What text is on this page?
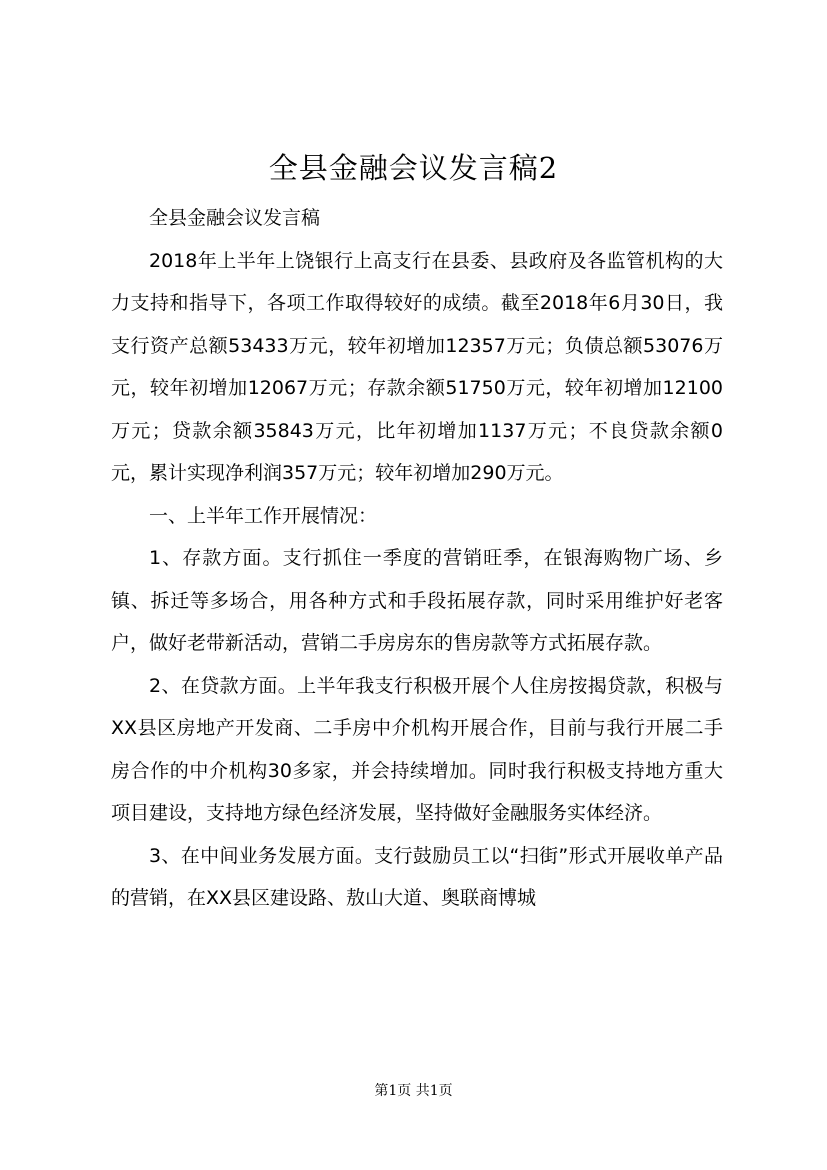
全县金融会议发言稿2

全县金融会议发言稿

2018年上半年上饶银行上高支行在县委、县政府及各监管机构的大力支持和指导下，各项工作取得较好的成绩。截至2018年6月30日，我支行资产总额53433万元，较年初增加12357万元；负债总额53076万元，较年初增加12067万元；存款余额51750万元，较年初增加12100万元；贷款余额35843万元，比年初增加1137万元；不良贷款余额0元，累计实现净利润357万元；较年初增加290万元。

一、上半年工作开展情况：

1、存款方面。支行抓住一季度的营销旺季，在银海购物广场、乡镇、拆迁等多场合，用各种方式和手段拓展存款，同时采用维护好老客户，做好老带新活动，营销二手房房东的售房款等方式拓展存款。

2、在贷款方面。上半年我支行积极开展个人住房按揭贷款，积极与XX县区房地产开发商、二手房中介机构开展合作，目前与我行开展二手房合作的中介机构30多家，并会持续增加。同时我行积极支持地方重大项目建设，支持地方绿色经济发展，坚持做好金融服务实体经济。

3、在中间业务发展方面。支行鼓励员工以“扫街”形式开展收单产品的营销，在XX县区建设路、敖山大道、奥联商博城

第1页 共1页
